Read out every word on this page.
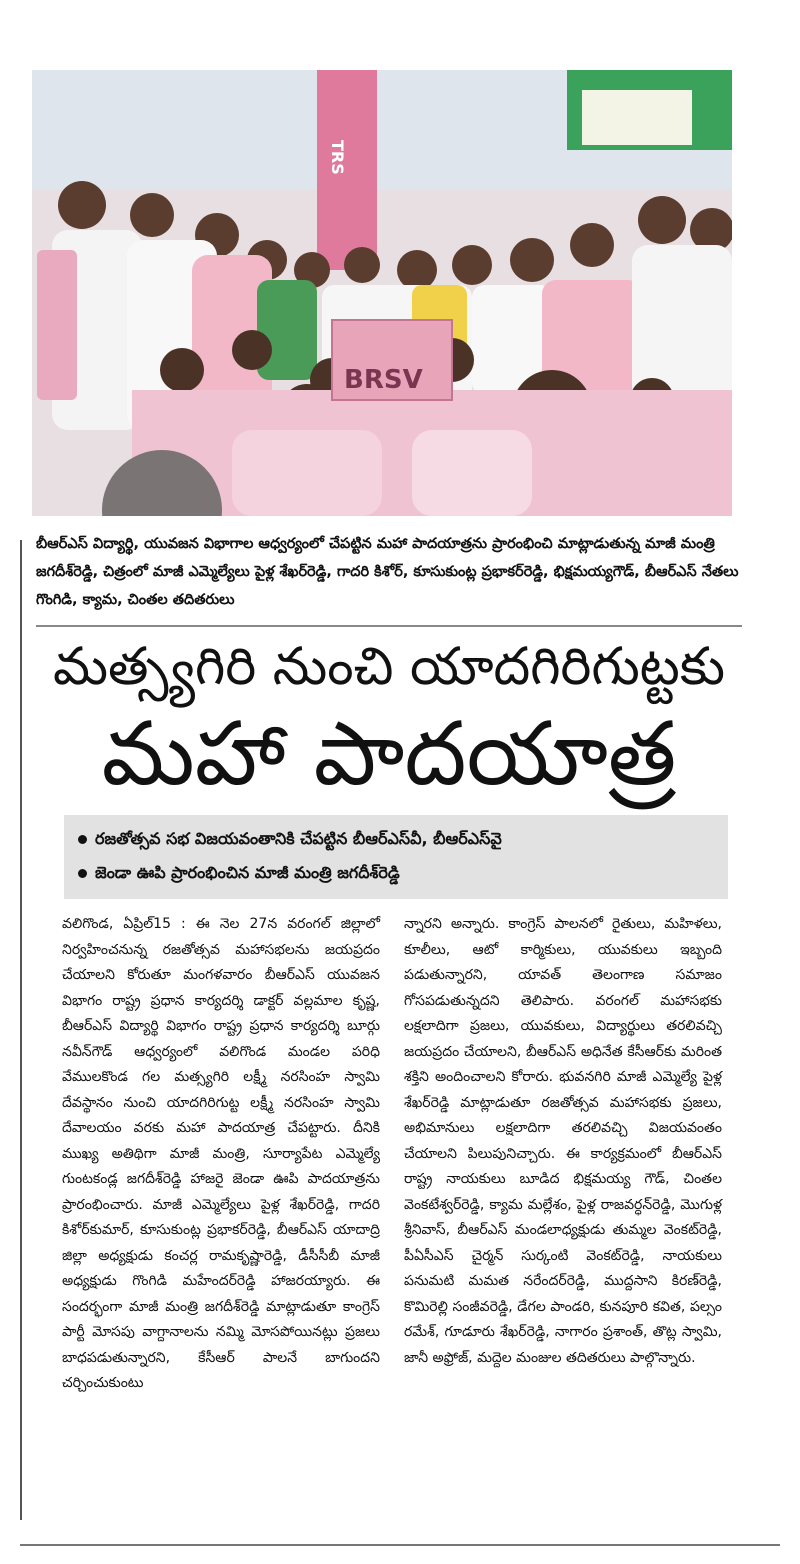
TRS
BRSV
బీఆర్‌ఎస్ విద్యార్థి, యువజన విభాగాల ఆధ్వర్యంలో చేపట్టిన మహా పాదయాత్రను ప్రారంభించి మాట్లాడుతున్న మాజీ మంత్రి జగదీశ్‌రెడ్డి, చిత్రంలో మాజీ ఎమ్మెల్యేలు పైళ్ల శేఖర్‌రెడ్డి, గాదరి కిశోర్, కూసుకుంట్ల ప్రభాకర్‌రెడ్డి, భిక్షమయ్యగౌడ్, బీఆర్‌ఎస్ నేతలు గొంగిడి, క్యామ, చింతల తదితరులు
మత్స్యగిరి నుంచి యాదగిరిగుట్టకు
మహా పాదయాత్ర
రజతోత్సవ సభ విజయవంతానికి చేపట్టిన బీఆర్‌ఎస్‌వీ, బీఆర్‌ఎస్‌వై
జెండా ఊపి ప్రారంభించిన మాజీ మంత్రి జగదీశ్‌రెడ్డి

వలిగొండ, ఏప్రిల్15 : ఈ నెల 27న వరంగల్ జిల్లాలో నిర్వహించనున్న రజతోత్సవ మహాసభలను జయప్రదం చేయాలని కోరుతూ మంగళవారం బీఆర్‌ఎస్ యువజన విభాగం రాష్ట్ర ప్రధాన కార్యదర్శి డాక్టర్ వల్లమాల కృష్ణ, బీఆర్‌ఎస్ విద్యార్థి విభాగం రాష్ట్ర ప్రధాన కార్యదర్శి బూర్గు నవీన్‌గౌడ్ ఆధ్వర్యంలో వలిగొండ మండల పరిధి వేములకొండ గల మత్స్యగిరి లక్ష్మీ నరసింహ స్వామి దేవస్థానం నుంచి యాదగిరిగుట్ట లక్ష్మీ నరసింహ స్వామి దేవాలయం వరకు మహా పాదయాత్ర చేపట్టారు. దీనికి ముఖ్య అతిథిగా మాజీ మంత్రి, సూర్యాపేట ఎమ్మెల్యే గుంటకండ్ల జగదీశ్‌రెడ్డి హాజరై జెండా ఊపి పాదయాత్రను ప్రారంభించారు. మాజీ ఎమ్మెల్యేలు పైళ్ల శేఖర్‌రెడ్డి, గాదరి కిశోర్‌కుమార్, కూసుకుంట్ల ప్రభాకర్‌రెడ్డి, బీఆర్‌ఎస్ యాదాద్రి జిల్లా అధ్యక్షుడు కంచర్ల రామకృష్ణారెడ్డి, డీసీసీబీ మాజీ అధ్యక్షుడు గొంగిడి మహేందర్‌రెడ్డి హాజరయ్యారు. ఈ సందర్భంగా మాజీ మంత్రి జగదీశ్‌రెడ్డి మాట్లాడుతూ కాంగ్రెస్ పార్టీ మోసపు వాగ్దానాలను నమ్మి మోసపోయినట్లు ప్రజలు బాధపడుతున్నారని, కేసీఆర్ పాలనే బాగుందని చర్చించుకుంటు

న్నారని అన్నారు. కాంగ్రెస్ పాలనలో రైతులు, మహిళలు, కూలీలు, ఆటో కార్మికులు, యువకులు ఇబ్బంది పడుతున్నారని, యావత్ తెలంగాణ సమాజం గోసపడుతున్నదని తెలిపారు. వరంగల్ మహాసభకు లక్షలాదిగా ప్రజలు, యువకులు, విద్యార్థులు తరలివచ్చి జయప్రదం చేయాలని, బీఆర్‌ఎస్ అధినేత కేసీఆర్‌కు మరింత శక్తిని అందించాలని కోరారు. భువనగిరి మాజీ ఎమ్మెల్యే పైళ్ల శేఖర్‌రెడ్డి మాట్లాడుతూ రజతోత్సవ మహాసభకు ప్రజలు, అభిమానులు లక్షలాదిగా తరలివచ్చి విజయవంతం చేయాలని పిలుపునిచ్చారు. ఈ కార్యక్రమంలో బీఆర్‌ఎస్ రాష్ట్ర నాయకులు బూడిద భిక్షమయ్య గౌడ్, చింతల వెంకటేశ్వర్‌రెడ్డి, క్యామ మల్లేశం, పైళ్ల రాజవర్ధన్‌రెడ్డి, మొగుళ్ల శ్రీనివాస్, బీఆర్‌ఎస్ మండలాధ్యక్షుడు తుమ్మల వెంకట్‌రెడ్డి, పీఏసీఎస్ చైర్మన్ సుర్కంటి వెంకట్‌రెడ్డి, నాయకులు పనుమటి మమత నరేందర్‌రెడ్డి, ముద్దసాని కిరణ్‌రెడ్డి, కొమిరెల్లి సంజీవరెడ్డి, డేగల పాండరి, కునపూరి కవిత, పల్సం రమేశ్, గూడూరు శేఖర్‌రెడ్డి, నాగారం ప్రశాంత్, తొట్ల స్వామి, జానీ అఫ్రోజ్, మద్దెల మంజుల తదితరులు పాల్గొన్నారు.
